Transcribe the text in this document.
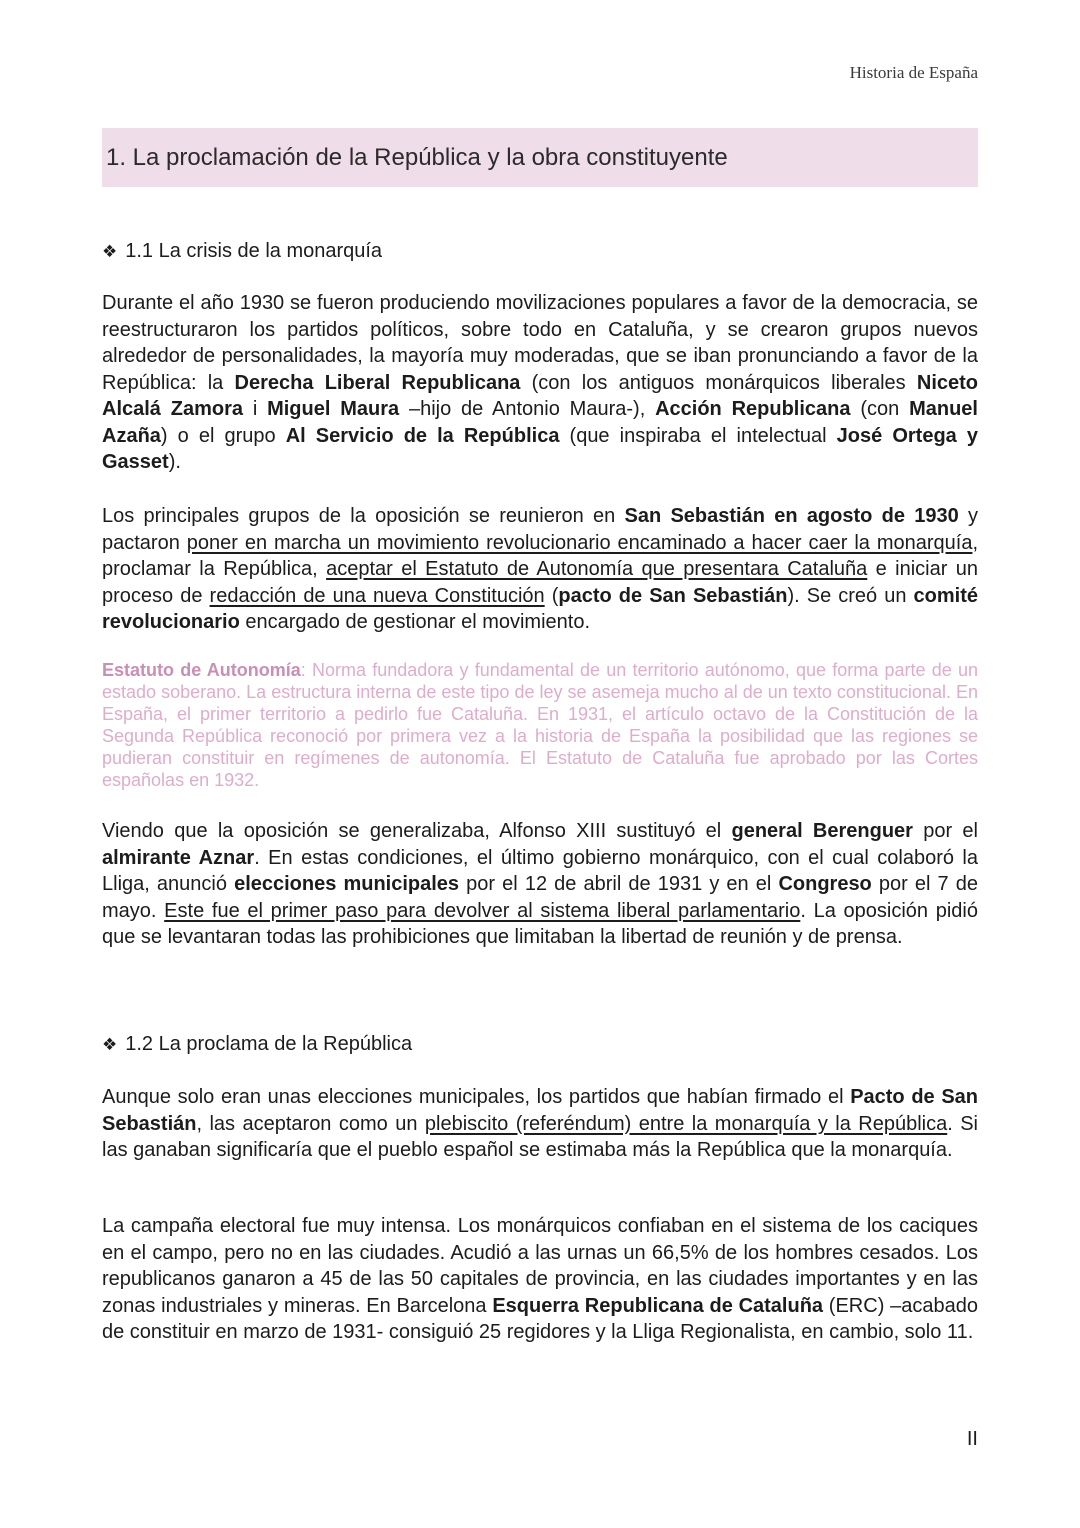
Historia de España
1. La proclamación de la República y la obra constituyente
❖ 1.1 La crisis de la monarquía

Durante el año 1930 se fueron produciendo movilizaciones populares a favor de la democracia, se reestructuraron los partidos políticos, sobre todo en Cataluña, y se crearon grupos nuevos alrededor de personalidades, la mayoría muy moderadas, que se iban pronunciando a favor de la República: la Derecha Liberal Republicana (con los antiguos monárquicos liberales Niceto Alcalá Zamora i Miguel Maura –hijo de Antonio Maura-), Acción Republicana (con Manuel Azaña) o el grupo Al Servicio de la República (que inspiraba el intelectual José Ortega y Gasset).

Los principales grupos de la oposición se reunieron en San Sebastián en agosto de 1930 y pactaron poner en marcha un movimiento revolucionario encaminado a hacer caer la monarquía, proclamar la República, aceptar el Estatuto de Autonomía que presentara Cataluña e iniciar un proceso de redacción de una nueva Constitución (pacto de San Sebastián). Se creó un comité revolucionario encargado de gestionar el movimiento.

Estatuto de Autonomía: Norma fundadora y fundamental de un territorio autónomo, que forma parte de un estado soberano. La estructura interna de este tipo de ley se asemeja mucho al de un texto constitucional. En España, el primer territorio a pedirlo fue Cataluña. En 1931, el artículo octavo de la Constitución de la Segunda República reconoció por primera vez a la historia de España la posibilidad que las regiones se pudieran constituir en regímenes de autonomía. El Estatuto de Cataluña fue aprobado por las Cortes españolas en 1932.

Viendo que la oposición se generalizaba, Alfonso XIII sustituyó el general Berenguer por el almirante Aznar. En estas condiciones, el último gobierno monárquico, con el cual colaboró la Lliga, anunció elecciones municipales por el 12 de abril de 1931 y en el Congreso por el 7 de mayo. Este fue el primer paso para devolver al sistema liberal parlamentario. La oposición pidió que se levantaran todas las prohibiciones que limitaban la libertad de reunión y de prensa.

❖ 1.2 La proclama de la República

Aunque solo eran unas elecciones municipales, los partidos que habían firmado el Pacto de San Sebastián, las aceptaron como un plebiscito (referéndum) entre la monarquía y la República. Si las ganaban significaría que el pueblo español se estimaba más la República que la monarquía.

La campaña electoral fue muy intensa. Los monárquicos confiaban en el sistema de los caciques en el campo, pero no en las ciudades. Acudió a las urnas un 66,5% de los hombres cesados. Los republicanos ganaron a 45 de las 50 capitales de provincia, en las ciudades importantes y en las zonas industriales y mineras. En Barcelona Esquerra Republicana de Cataluña (ERC) –acabado de constituir en marzo de 1931- consiguió 25 regidores y la Lliga Regionalista, en cambio, solo 11.

II
